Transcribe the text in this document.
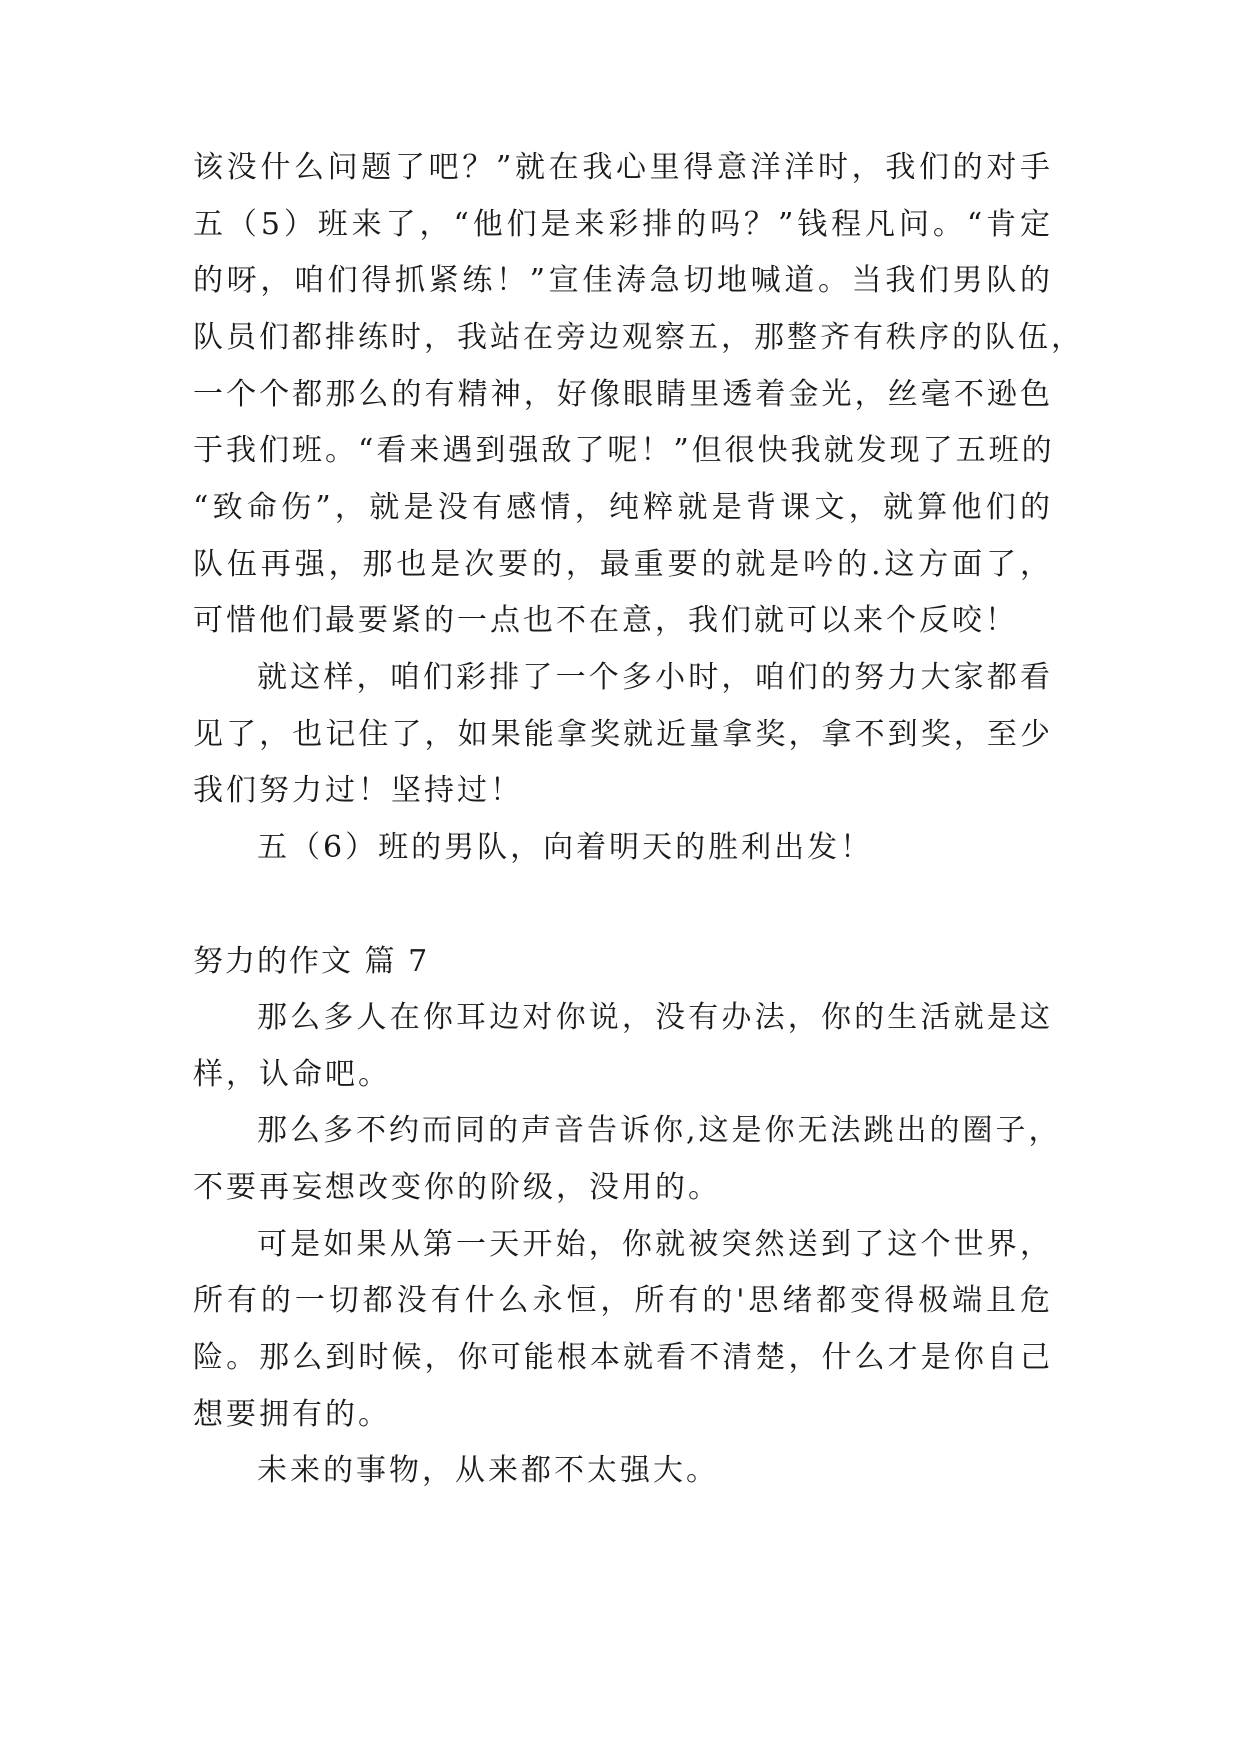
该没什么问题了吧？”就在我心里得意洋洋时，我们的对手
五（5）班来了，“他们是来彩排的吗？”钱程凡问。“肯定
的呀，咱们得抓紧练！”宣佳涛急切地喊道。当我们男队的
队员们都排练时，我站在旁边观察五，那整齐有秩序的队伍，
一个个都那么的有精神，好像眼睛里透着金光，丝毫不逊色
于我们班。“看来遇到强敌了呢！”但很快我就发现了五班的
“致命伤”，就是没有感情，纯粹就是背课文，就算他们的
队伍再强，那也是次要的，最重要的就是吟的.这方面了，
可惜他们最要紧的一点也不在意，我们就可以来个反咬！
就这样，咱们彩排了一个多小时，咱们的努力大家都看
见了，也记住了，如果能拿奖就近量拿奖，拿不到奖，至少
我们努力过！坚持过！
五（6）班的男队，向着明天的胜利出发！
努力的作文 篇 7
那么多人在你耳边对你说，没有办法，你的生活就是这
样，认命吧。
那么多不约而同的声音告诉你,这是你无法跳出的圈子，
不要再妄想改变你的阶级，没用的。
可是如果从第一天开始，你就被突然送到了这个世界，
所有的一切都没有什么永恒，所有的'思绪都变得极端且危
险。那么到时候，你可能根本就看不清楚，什么才是你自己
想要拥有的。
未来的事物，从来都不太强大。
